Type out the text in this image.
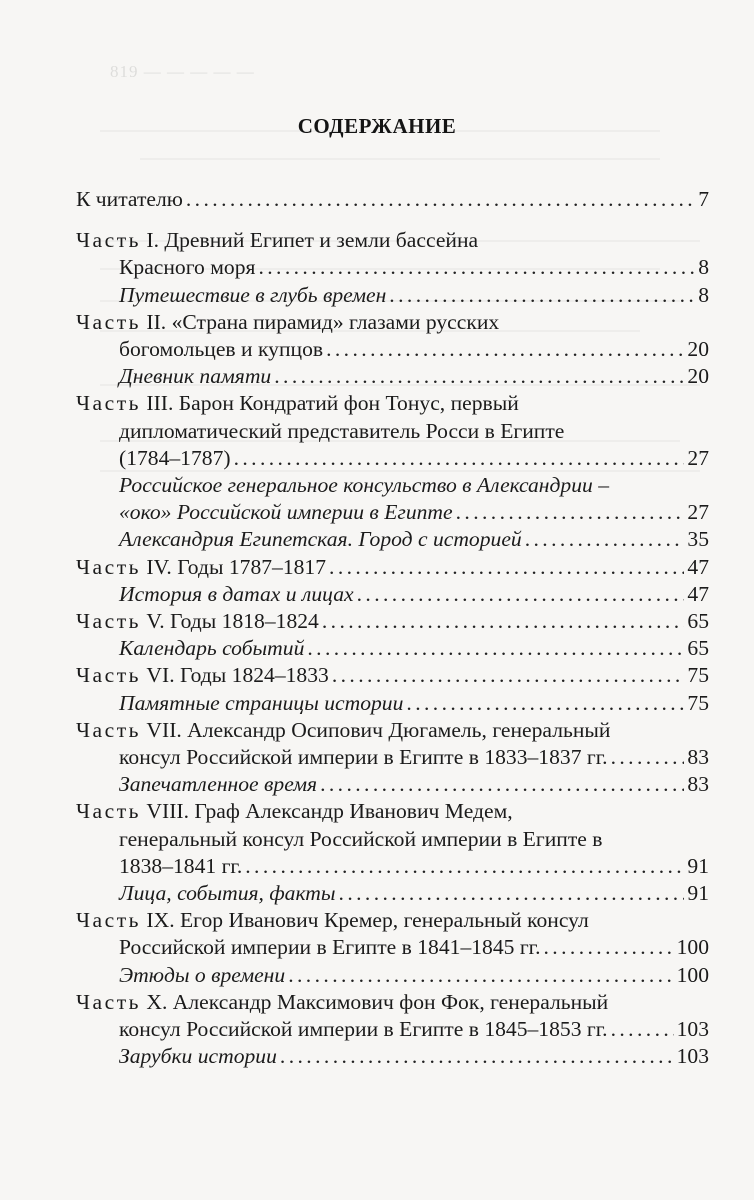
819 — — — — —
СОДЕРЖАНИЕ
К читателю . . .	7
Часть I. Древний Египет и земли бассейна
Красного моря . . .	8
Путешествие в глубь времен . . .	8
Часть II. «Страна пирамид» глазами русских
богомольцев и купцов . . .	20
Дневник памяти . . .	20
Часть III. Барон Кондратий фон Тонус, первый
дипломатический представитель Росси в Египте
(1784–1787) . . .	27
Российское генеральное консульство в Александрии –
«око» Российской империи в Египте . . .	27
Александрия Египетская. Город с историей . . .	35
Часть IV. Годы 1787–1817 . . .	47
История в датах и лицах . . .	47
Часть V. Годы 1818–1824 . . .	65
Календарь событий . . .	65
Часть VI. Годы 1824–1833 . . .	75
Памятные страницы истории . . .	75
Часть VII. Александр Осипович Дюгамель, генеральный
консул Российской империи в Египте в 1833–1837 гг. . . .	83
Запечатленное время . . .	83
Часть VIII. Граф Александр Иванович Медем,
генеральный консул Российской империи в Египте в
1838–1841 гг. . . .	91
Лица, события, факты . . .	91
Часть IX. Егор Иванович Кремер, генеральный консул
Российской империи в Египте в 1841–1845 гг. . . .	100
Этюды о времени . . .	100
Часть X. Александр Максимович фон Фок, генеральный
консул Российской империи в Египте в 1845–1853 гг. . . .	103
Зарубки истории . . .	103
